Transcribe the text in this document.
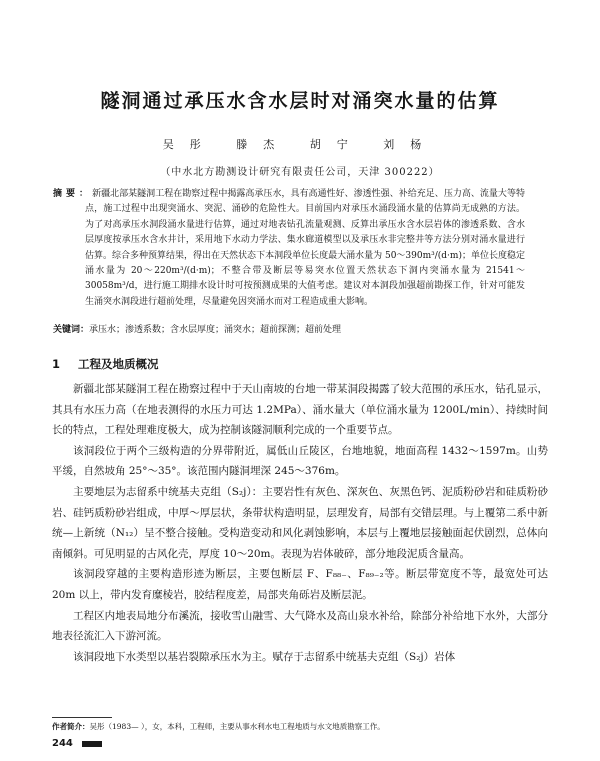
隧洞通过承压水含水层时对涌突水量的估算
吴彤 滕杰 胡宁 刘杨
（中水北方勘测设计研究有限责任公司，天津 300222）
摘要：新疆北部某隧洞工程在勘察过程中揭露高承压水，具有高通性好、渗透性强、补给充足、压力高、流量大等特点，施工过程中出现突涌水、突泥、涌砂的危险性大。目前国内对承压水涌段涌水量的估算尚无成熟的方法。为了对高承压水洞段涌水量进行估算，通过对地表钻孔流量观测、反算出承压水含水层岩体的渗透系数、含水层厚度按承压水含水井计，采用地下水动力学法、集水廊道模型以及承压水非完整井等方法分别对涌水量进行估算。综合多种预算结果，得出在天然状态下本洞段单位长度最大涌水量为 50～390m³/(d·m)；单位长度稳定涌水量为 20～220m³/(d·m)；不整合带及断层等易突水位置天然状态下洞内突涌水量为 21541～30058m³/d，进行施工期排水设计时可按预测成果的大值考虑。建议对本洞段加强超前勘探工作，针对可能发生涌突水洞段进行超前处理，尽量避免因突涌水而对工程造成重大影响。
关键词：承压水；渗透系数；含水层厚度；涌突水；超前探测；超前处理
1 工程及地质概况

新疆北部某隧洞工程在勘察过程中于天山南坡的台地一带某洞段揭露了较大范围的承压水，钻孔显示，其具有水压力高（在地表测得的水压力可达 1.2MPa）、涌水量大（单位涌水量为 1200L/min）、持续时间长的特点，工程处理难度极大，成为控制该隧洞顺利完成的一个重要节点。

该洞段位于两个三级构造的分界带附近，属低山丘陵区，台地地貌，地面高程 1432～1597m。山势平缓，自然坡角 25°～35°。该范围内隧洞埋深 245～376m。

主要地层为志留系中统基夫克组（S₂j）：主要岩性有灰色、深灰色、灰黑色钙、泥质粉砂岩和硅质粉砂岩、硅钙质粉砂岩组成，中厚～厚层状，条带状构造明显，层理发育，局部有交错层理。与上覆第二系中新统—上新统（N₁₂）呈不整合接触。受构造变动和风化剥蚀影响，本层与上覆地层接触面起伏剧烈，总体向南倾斜。可见明显的古风化壳，厚度 10～20m。表现为岩体破碎，部分地段泥质含量高。

该洞段穿越的主要构造形迹为断层，主要包断层 F、F₈₈₋、F₈₉₋₂等。断层带宽度不等，最宽处可达 20m 以上，带内发育糜棱岩，胶结程度差，局部夹角砾岩及断层泥。

工程区内地表局地分布溪流，接收雪山融雪、大气降水及高山泉水补给，除部分补给地下水外，大部分地表径流汇入下游河流。

该洞段地下水类型以基岩裂隙承压水为主。赋存于志留系中统基夫克组（S₂j）岩体

作者简介：吴彤（1983— ），女，本科，工程师，主要从事水利水电工程地质与水文地质勘察工作。
244
